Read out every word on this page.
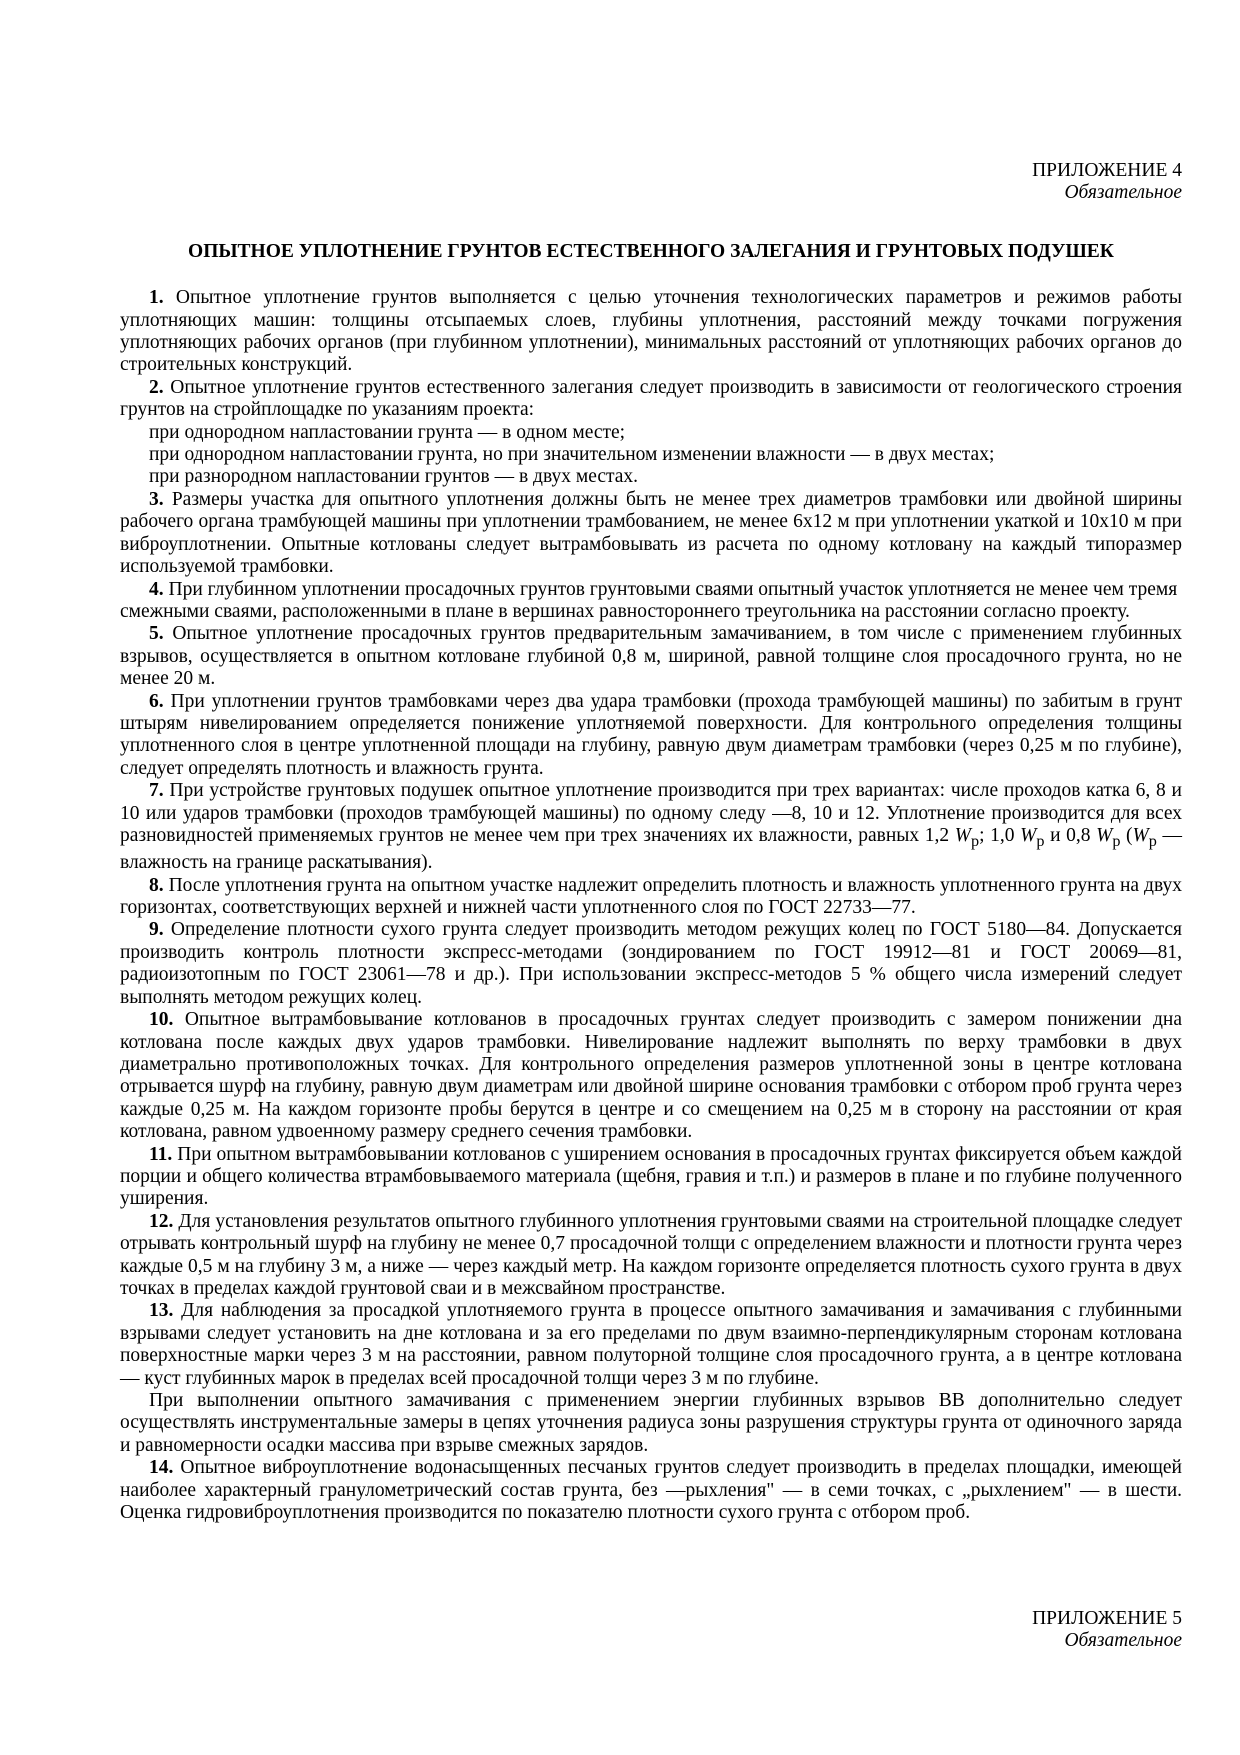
ПРИЛОЖЕНИЕ 4
Обязательное
ОПЫТНОЕ УПЛОТНЕНИЕ ГРУНТОВ ЕСТЕСТВЕННОГО ЗАЛЕГАНИЯ И ГРУНТОВЫХ ПОДУШЕК

1. Опытное уплотнение грунтов выполняется с целью уточнения технологических параметров и режимов работы уплотняющих машин: толщины отсыпаемых слоев, глубины уплотнения, расстояний между точками погружения уплотняющих рабочих органов (при глубинном уплотнении), минимальных расстояний от уплотняющих рабочих органов до строительных конструкций.

2. Опытное уплотнение грунтов естественного залегания следует производить в зависимости от геологического строения грунтов на стройплощадке по указаниям проекта:

при однородном напластовании грунта — в одном месте;

при однородном напластовании грунта, но при значительном изменении влажности — в двух местах;

при разнородном напластовании грунтов — в двух местах.

3. Размеры участка для опытного уплотнения должны быть не менее трех диаметров трамбовки или двойной ширины рабочего органа трамбующей машины при уплотнении трамбованием, не менее 6х12 м при уплотнении укаткой и 10х10 м при виброуплотнении. Опытные котлованы следует вытрамбовывать из расчета по одному котловану на каждый типоразмер используемой трамбовки.

4. При глубинном уплотнении просадочных грунтов грунтовыми сваями опытный участок уплотняется не менее чем тремя смежными сваями, расположенными в плане в вершинах равностороннего треугольника на расстоянии согласно проекту.

5. Опытное уплотнение просадочных грунтов предварительным замачиванием, в том числе с применением глубинных взрывов, осуществляется в опытном котловане глубиной 0,8 м, шириной, равной толщине слоя просадочного грунта, но не менее 20 м.

6. При уплотнении грунтов трамбовками через два удара трамбовки (прохода трамбующей машины) по забитым в грунт штырям нивелированием определяется понижение уплотняемой поверхности. Для контрольного определения толщины уплотненного слоя в центре уплотненной площади на глубину, равную двум диаметрам трамбовки (через 0,25 м по глубине), следует определять плотность и влажность грунта.

7. При устройстве грунтовых подушек опытное уплотнение производится при трех вариантах: числе проходов катка 6, 8 и 10 или ударов трамбовки (проходов трамбующей машины) по одному следу —8, 10 и 12. Уплотнение производится для всех разновидностей применяемых грунтов не менее чем при трех значениях их влажности, равных 1,2 $W_p$; 1,0 $W_p$ и 0,8 $W_p$ ($W_p$ — влажность на границе раскатывания).

8. После уплотнения грунта на опытном участке надлежит определить плотность и влажность уплотненного грунта на двух горизонтах, соответствующих верхней и нижней части уплотненного слоя по ГОСТ 22733—77.

9. Определение плотности сухого грунта следует производить методом режущих колец по ГОСТ 5180—84. Допускается производить контроль плотности экспресс-методами (зондированием по ГОСТ 19912—81 и ГОСТ 20069—81, радиоизотопным по ГОСТ 23061—78 и др.). При использовании экспресс-методов 5 % общего числа измерений следует выполнять методом режущих колец.

10. Опытное вытрамбовывание котлованов в просадочных грунтах следует производить с замером понижении дна котлована после каждых двух ударов трамбовки. Нивелирование надлежит выполнять по верху трамбовки в двух диаметрально противоположных точках. Для контрольного определения размеров уплотненной зоны в центре котлована отрывается шурф на глубину, равную двум диаметрам или двойной ширине основания трамбовки с отбором проб грунта через каждые 0,25 м. На каждом горизонте пробы берутся в центре и со смещением на 0,25 м в сторону на расстоянии от края котлована, равном удвоенному размеру среднего сечения трамбовки.

11. При опытном вытрамбовывании котлованов с уширением основания в просадочных грунтах фиксируется объем каждой порции и общего количества втрамбовываемого материала (щебня, гравия и т.п.) и размеров в плане и по глубине полученного уширения.

12. Для установления результатов опытного глубинного уплотнения грунтовыми сваями на строительной площадке следует отрывать контрольный шурф на глубину не менее 0,7 просадочной толщи с определением влажности и плотности грунта через каждые 0,5 м на глубину 3 м, а ниже — через каждый метр. На каждом горизонте определяется плотность сухого грунта в двух точках в пределах каждой грунтовой сваи и в межсвайном пространстве.

13. Для наблюдения за просадкой уплотняемого грунта в процессе опытного замачивания и замачивания с глубинными взрывами следует установить на дне котлована и за его пределами по двум взаимно-перпендикулярным сторонам котлована поверхностные марки через 3 м на расстоянии, равном полуторной толщине слоя просадочного грунта, а в центре котлована — куст глубинных марок в пределах всей просадочной толщи через 3 м по глубине.

При выполнении опытного замачивания с применением энергии глубинных взрывов ВВ дополнительно следует осуществлять инструментальные замеры в цепях уточнения радиуса зоны разрушения структуры грунта от одиночного заряда и равномерности осадки массива при взрыве смежных зарядов.

14. Опытное виброуплотнение водонасыщенных песчаных грунтов следует производить в пределах площадки, имеющей наиболее характерный гранулометрический состав грунта, без ―рыхления" — в семи точках, с „рыхлением" — в шести. Оценка гидровиброуплотнения производится по показателю плотности сухого грунта с отбором проб.

ПРИЛОЖЕНИЕ 5
Обязательное
